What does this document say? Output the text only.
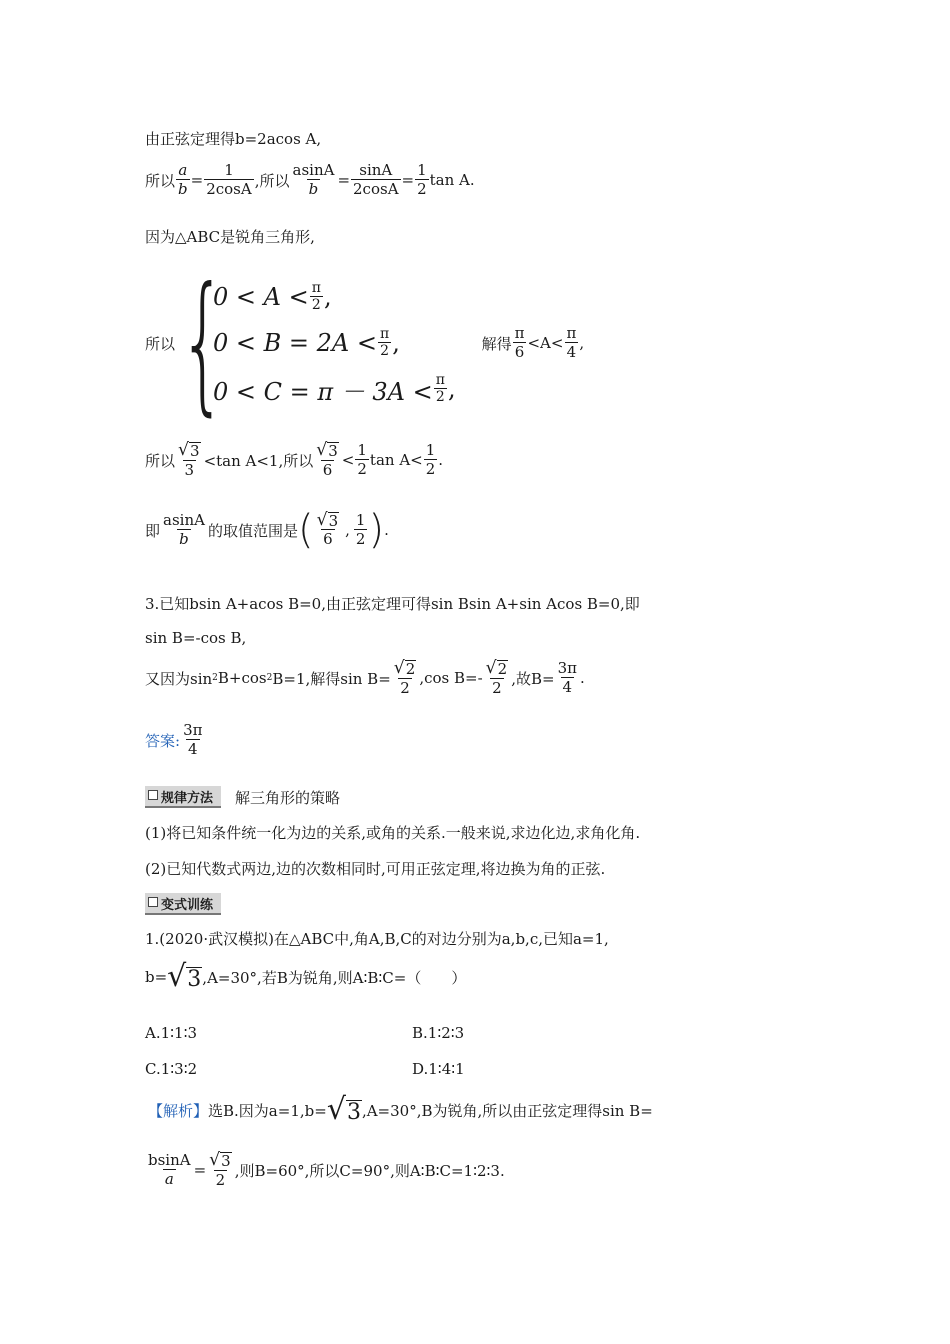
由正弦定理得b=2acos A,
所以 $\frac{a}{b} = \frac{1}{2\cos A}$ ,所以 $\frac{asinA}{b} = \frac{\sin A}{2\cos A} = \frac{1}{2}$ tan A.
因为△ABC是锐角三角形,
所以 {
$0 < A < \frac{\pi}{2}$ ,
$0 < B = 2A < \frac{\pi}{2}$ ,
$0 < C = \pi - 3A < \frac{\pi}{2}$ ,
解得 $\frac{\pi}{6} <A< \frac{\pi}{4}$ ,
所以 $\frac{√ 3}{3} <\tan$ A<1,所以 $\frac{√ 3}{6} < \frac{1}{2}$ $\tan A< \frac{1}{2}$ .
即 $\frac{asinA}{b}$ 的取值范围是 ( $\frac{√ 3}{6}$ , $\frac{1}{2}$ ) .
3.已知bsin A+acos B=0,由正弦定理可得sin Bsin A+sin Acos B=0,即
sin B=-cos B,
又因为sin 2 B+cos 2 B=1,解得$\sin B= \frac{√ 2}{2} ,\cos$ $B=- \frac{√ 2}{2}$ ,故$B= \frac{3\pi}{4}$ .
答案: $\frac{3\pi}{4}$
规律方法	解三角形的策略
(1)将已知条件统一化为边的关系,或角的关系.一般来说,求边化边,求角化角.
(2)已知代数式两边,边的次数相同时,可用正弦定理,将边换为角的正弦.
变式训练
1.(2020·武汉模拟)在△ABC中,角A,B,C的对边分别为a,b,c,已知a=1,
b= √ 3 ,A=30°,若B为锐角,则A∶B∶C=（　　）
A.1∶1∶3	B.1∶2∶3
C.1∶3∶2	D.1∶4∶1
【解析】 选B.因为a=1,b= √ 3 ,A=30°,B为锐角,所以由正弦定理得sin B=
$\frac{bsinA}{a} = \frac{√ 3}{2}$ ,则B=60°,所以C=90°,则A∶B∶C=1∶2∶3.
